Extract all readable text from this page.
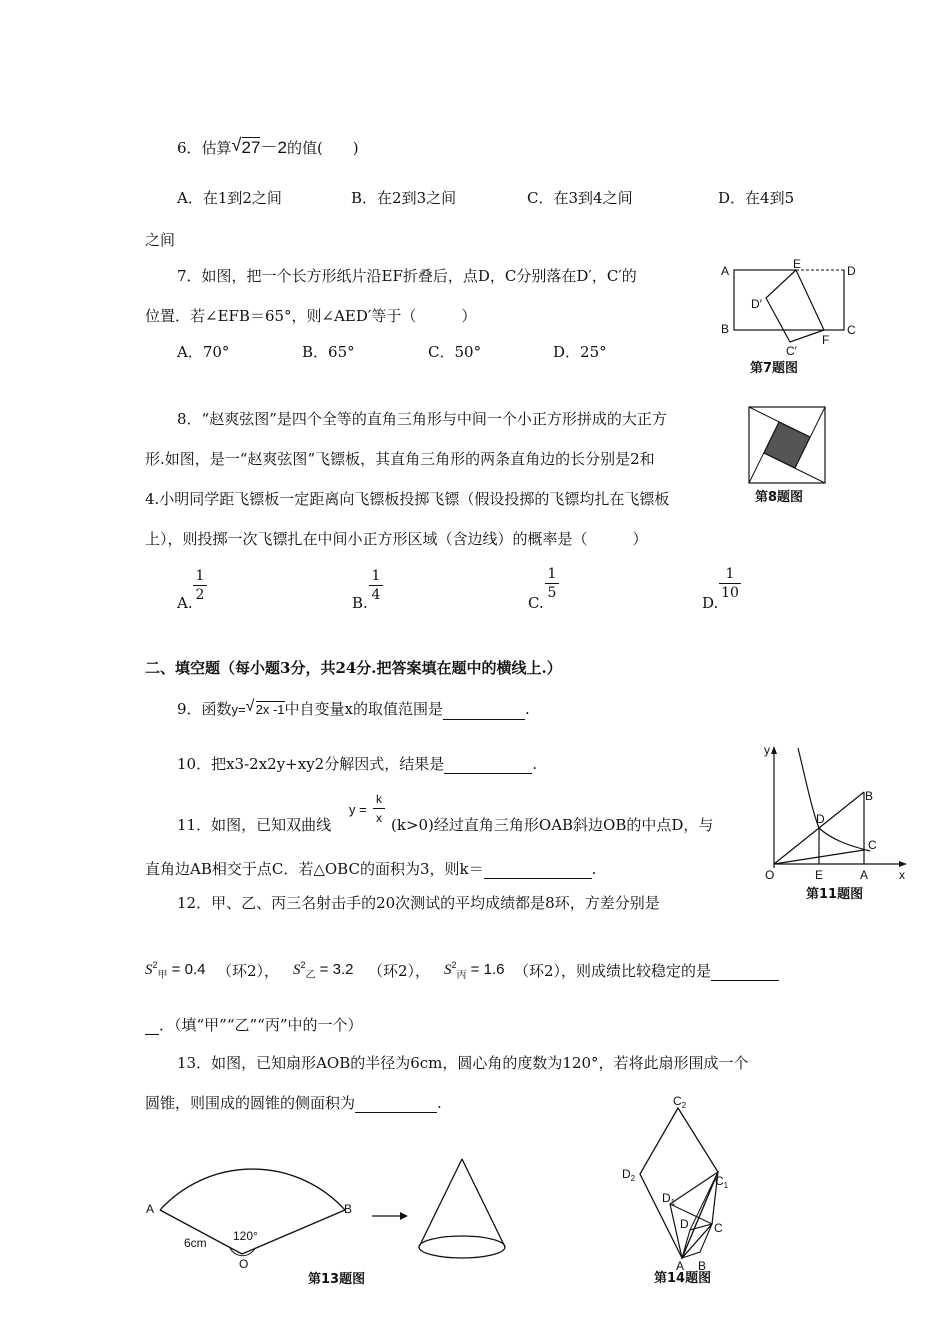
6．估算 √ 27－2的值(　　)
A．在1到2之间	B．在2到3之间	C．在3到4之间	D．在4到5
之间
7．如图，把一个长方形纸片沿EF折叠后，点D，C分别落在D′，C′的
位置．若∠EFB＝65°，则∠AED′等于（　　　）
A．70°	B．65°	C．50°	D．25°
A	E	D
D′
B	C
F
C′
第7题图
8．“赵爽弦图”是四个全等的直角三角形与中间一个小正方形拼成的大正方
形.如图，是一“赵爽弦图”飞镖板，其直角三角形的两条直角边的长分别是2和
4.小明同学距飞镖板一定距离向飞镖板投掷飞镖（假设投掷的飞镖均扎在飞镖板
上），则投掷一次飞镖扎在中间小正方形区域（含边线）的概率是（　　　）
第8题图
A.
1
2	B.
1
4	C.
1
5
D.
1
10
二、填空题（每小题3分，共24分.把答案填在题中的横线上.）
9．函数y= √ 2x -1中自变量x的取值范围是	.
10．把x3-2x2y+xy2分解因式，结果是	.
11．如图，已知双曲线
y =
k
x (k>0)经过直角三角形OAB斜边OB的中点D，与
直角边AB相交于点C．若△OBC的面积为3，则k＝	.
y
B
D
C
O	E	A	x
第11题图
12．甲、乙、丙三名射击手的20次测试的平均成绩都是8环，方差分别是
$S^2_甲 = 0.4$ （环2）， $S^2_乙 = 3.2$ （环2）， $S^2_丙 = 1.6$ （环2），则成绩比较稳定的是
．（填“甲”“乙”“丙”中的一个）
13．如图，已知扇形AOB的半径为6cm，圆心角的度数为120°，若将此扇形围成一个
圆锥，则围成的圆锥的侧面积为	.
A	B
O
6cm 120°
第13题图
$C_2$
$D_2$	$C_1$
$D_1$
D C
A B
第14题图
